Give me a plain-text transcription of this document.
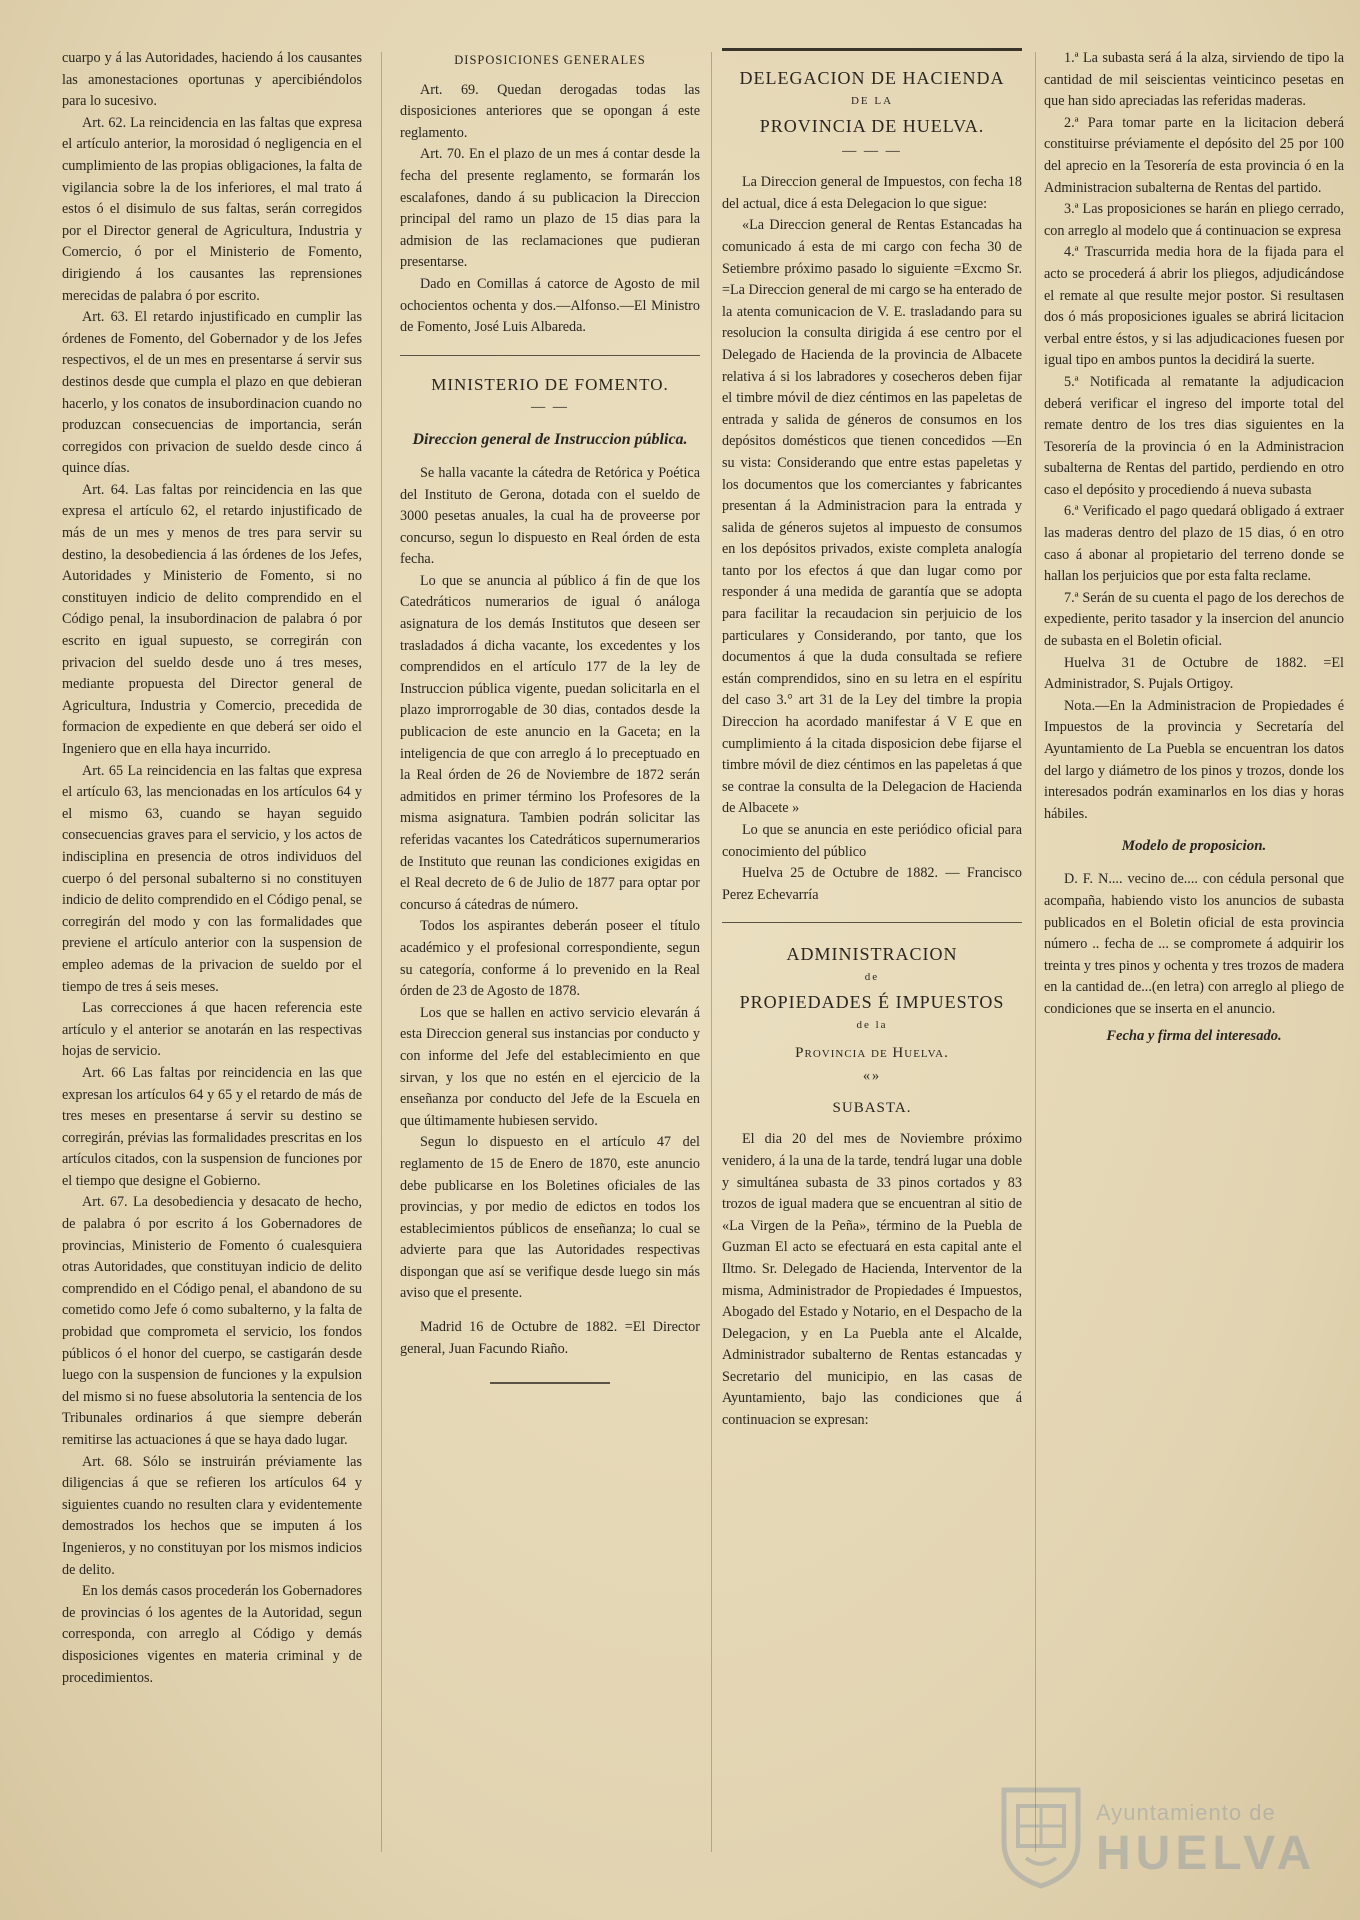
cuarpo y á las Autoridades, haciendo á los causantes las amonestaciones oportunas y apercibiéndolos para lo sucesivo.

Art. 62. La reincidencia en las faltas que expresa el artículo anterior, la morosidad ó negligencia en el cumplimiento de las propias obligaciones, la falta de vigilancia sobre la de los inferiores, el mal trato á estos ó el disimulo de sus faltas, serán corregidos por el Director general de Agricultura, Industria y Comercio, ó por el Ministerio de Fomento, dirigiendo á los causantes las reprensiones merecidas de palabra ó por escrito.

Art. 63. El retardo injustificado en cumplir las órdenes de Fomento, del Gobernador y de los Jefes respectivos, el de un mes en presentarse á servir sus destinos desde que cumpla el plazo en que debieran hacerlo, y los conatos de insubordinacion cuando no produzcan consecuencias de importancia, serán corregidos con privacion de sueldo desde cinco á quince días.

Art. 64. Las faltas por reincidencia en las que expresa el artículo 62, el retardo injustificado de más de un mes y menos de tres para servir su destino, la desobediencia á las órdenes de los Jefes, Autoridades y Ministerio de Fomento, si no constituyen indicio de delito comprendido en el Código penal, la insubordinacion de palabra ó por escrito en igual supuesto, se corregirán con privacion del sueldo desde uno á tres meses, mediante propuesta del Director general de Agricultura, Industria y Comercio, precedida de formacion de expediente en que deberá ser oido el Ingeniero que en ella haya incurrido.

Art. 65 La reincidencia en las faltas que expresa el artículo 63, las mencionadas en los artículos 64 y el mismo 63, cuando se hayan seguido consecuencias graves para el servicio, y los actos de indisciplina en presencia de otros individuos del cuerpo ó del personal subalterno si no constituyen indicio de delito comprendido en el Código penal, se corregirán del modo y con las formalidades que previene el artículo anterior con la suspension de empleo ademas de la privacion de sueldo por el tiempo de tres á seis meses.

Las correcciones á que hacen referencia este artículo y el anterior se anotarán en las respectivas hojas de servicio.

Art. 66 Las faltas por reincidencia en las que expresan los artículos 64 y 65 y el retardo de más de tres meses en presentarse á servir su destino se corregirán, prévias las formalidades prescritas en los artículos citados, con la suspension de funciones por el tiempo que designe el Gobierno.

Art. 67. La desobediencia y desacato de hecho, de palabra ó por escrito á los Gobernadores de provincias, Ministerio de Fomento ó cualesquiera otras Autoridades, que constituyan indicio de delito comprendido en el Código penal, el abandono de su cometido como Jefe ó como subalterno, y la falta de probidad que comprometa el servicio, los fondos públicos ó el honor del cuerpo, se castigarán desde luego con la suspension de funciones y la expulsion del mismo si no fuese absolutoria la sentencia de los Tribunales ordinarios á que siempre deberán remitirse las actuaciones á que se haya dado lugar.

Art. 68. Sólo se instruirán préviamente las diligencias á que se refieren los artículos 64 y siguientes cuando no resulten clara y evidentemente demostrados los hechos que se imputen á los Ingenieros, y no constituyan por los mismos indicios de delito.

En los demás casos procederán los Gobernadores de provincias ó los agentes de la Autoridad, segun corresponda, con arreglo al Código y demás disposiciones vigentes en materia criminal y de procedimientos.

DISPOSICIONES GENERALES

Art. 69. Quedan derogadas todas las disposiciones anteriores que se opongan á este reglamento.

Art. 70. En el plazo de un mes á contar desde la fecha del presente reglamento, se formarán los escalafones, dando á su publicacion la Direccion principal del ramo un plazo de 15 dias para la admision de las reclamaciones que pudieran presentarse.

Dado en Comillas á catorce de Agosto de mil ochocientos ochenta y dos.—Alfonso.—El Ministro de Fomento, José Luis Albareda.

MINISTERIO DE FOMENTO.
— —
Direccion general de Instruccion pública.

Se halla vacante la cátedra de Retórica y Poética del Instituto de Gerona, dotada con el sueldo de 3000 pesetas anuales, la cual ha de proveerse por concurso, segun lo dispuesto en Real órden de esta fecha.

Lo que se anuncia al público á fin de que los Catedráticos numerarios de igual ó análoga asignatura de los demás Institutos que deseen ser trasladados á dicha vacante, los excedentes y los comprendidos en el artículo 177 de la ley de Instruccion pública vigente, puedan solicitarla en el plazo improrrogable de 30 dias, contados desde la publicacion de este anuncio en la Gaceta; en la inteligencia de que con arreglo á lo preceptuado en la Real órden de 26 de Noviembre de 1872 serán admitidos en primer término los Profesores de la misma asignatura. Tambien podrán solicitar las referidas vacantes los Catedráticos supernumerarios de Instituto que reunan las condiciones exigidas en el Real decreto de 6 de Julio de 1877 para optar por concurso á cátedras de número.

Todos los aspirantes deberán poseer el título académico y el profesional correspondiente, segun su categoría, conforme á lo prevenido en la Real órden de 23 de Agosto de 1878.

Los que se hallen en activo servicio elevarán á esta Direccion general sus instancias por conducto y con informe del Jefe del establecimiento en que sirvan, y los que no estén en el ejercicio de la enseñanza por conducto del Jefe de la Escuela en que últimamente hubiesen servido.

Segun lo dispuesto en el artículo 47 del reglamento de 15 de Enero de 1870, este anuncio debe publicarse en los Boletines oficiales de las provincias, y por medio de edictos en todos los establecimientos públicos de enseñanza; lo cual se advierte para que las Autoridades respectivas dispongan que así se verifique desde luego sin más aviso que el presente.

Madrid 16 de Octubre de 1882. =El Director general, Juan Facundo Riaño.

DELEGACION DE HACIENDA
DE LA
PROVINCIA DE HUELVA.
— — —

La Direccion general de Impuestos, con fecha 18 del actual, dice á esta Delegacion lo que sigue:

«La Direccion general de Rentas Estancadas ha comunicado á esta de mi cargo con fecha 30 de Setiembre próximo pasado lo siguiente =Excmo Sr. =La Direccion general de mi cargo se ha enterado de la atenta comunicacion de V. E. trasladando para su resolucion la consulta dirigida á ese centro por el Delegado de Hacienda de la provincia de Albacete relativa á si los labradores y cosecheros deben fijar el timbre móvil de diez céntimos en las papeletas de entrada y salida de géneros de consumos en los depósitos domésticos que tienen concedidos —En su vista: Considerando que entre estas papeletas y los documentos que los comerciantes y fabricantes presentan á la Administracion para la entrada y salida de géneros sujetos al impuesto de consumos en los depósitos privados, existe completa analogía tanto por los efectos á que dan lugar como por responder á una medida de garantía que se adopta para facilitar la recaudacion sin perjuicio de los particulares y Considerando, por tanto, que los documentos á que la duda consultada se refiere están comprendidos, sino en su letra en el espíritu del caso 3.° art 31 de la Ley del timbre la propia Direccion ha acordado manifestar á V E que en cumplimiento á la citada disposicion debe fijarse el timbre móvil de diez céntimos en las papeletas á que se contrae la consulta de la Delegacion de Hacienda de Albacete »

Lo que se anuncia en este periódico oficial para conocimiento del público

Huelva 25 de Octubre de 1882. — Francisco Perez Echevarría

ADMINISTRACION
de
PROPIEDADES É IMPUESTOS
de la
Provincia de Huelva.
«»
SUBASTA.

El dia 20 del mes de Noviembre próximo venidero, á la una de la tarde, tendrá lugar una doble y simultánea subasta de 33 pinos cortados y 83 trozos de igual madera que se encuentran al sitio de «La Virgen de la Peña», término de la Puebla de Guzman El acto se efectuará en esta capital ante el Iltmo. Sr. Delegado de Hacienda, Interventor de la misma, Administrador de Propiedades é Impuestos, Abogado del Estado y Notario, en el Despacho de la Delegacion, y en La Puebla ante el Alcalde, Administrador subalterno de Rentas estancadas y Secretario del municipio, en las casas de Ayuntamiento, bajo las condiciones que á continuacion se expresan:

1.ª La subasta será á la alza, sirviendo de tipo la cantidad de mil seiscientas veinticinco pesetas en que han sido apreciadas las referidas maderas.

2.ª Para tomar parte en la licitacion deberá constituirse préviamente el depósito del 25 por 100 del aprecio en la Tesorería de esta provincia ó en la Administracion subalterna de Rentas del partido.

3.ª Las proposiciones se harán en pliego cerrado, con arreglo al modelo que á continuacion se expresa

4.ª Trascurrida media hora de la fijada para el acto se procederá á abrir los pliegos, adjudicándose el remate al que resulte mejor postor. Si resultasen dos ó más proposiciones iguales se abrirá licitacion verbal entre éstos, y si las adjudicaciones fuesen por igual tipo en ambos puntos la decidirá la suerte.

5.ª Notificada al rematante la adjudicacion deberá verificar el ingreso del importe total del remate dentro de los tres dias siguientes en la Tesorería de la provincia ó en la Administracion subalterna de Rentas del partido, perdiendo en otro caso el depósito y procediendo á nueva subasta

6.ª Verificado el pago quedará obligado á extraer las maderas dentro del plazo de 15 dias, ó en otro caso á abonar al propietario del terreno donde se hallan los perjuicios que por esta falta reclame.

7.ª Serán de su cuenta el pago de los derechos de expediente, perito tasador y la insercion del anuncio de subasta en el Boletin oficial.

Huelva 31 de Octubre de 1882. =El Administrador, S. Pujals Ortigoy.

Nota.—En la Administracion de Propiedades é Impuestos de la provincia y Secretaría del Ayuntamiento de La Puebla se encuentran los datos del largo y diámetro de los pinos y trozos, donde los interesados podrán examinarlos en los dias y horas hábiles.

Modelo de proposicion.

D. F. N.... vecino de.... con cédula personal que acompaña, habiendo visto los anuncios de subasta publicados en el Boletin oficial de esta provincia número .. fecha de ... se compromete á adquirir los treinta y tres pinos y ochenta y tres trozos de madera en la cantidad de...(en letra) con arreglo al pliego de condiciones que se inserta en el anuncio.

Fecha y firma del interesado.

Ayuntamiento de
HUELVA
